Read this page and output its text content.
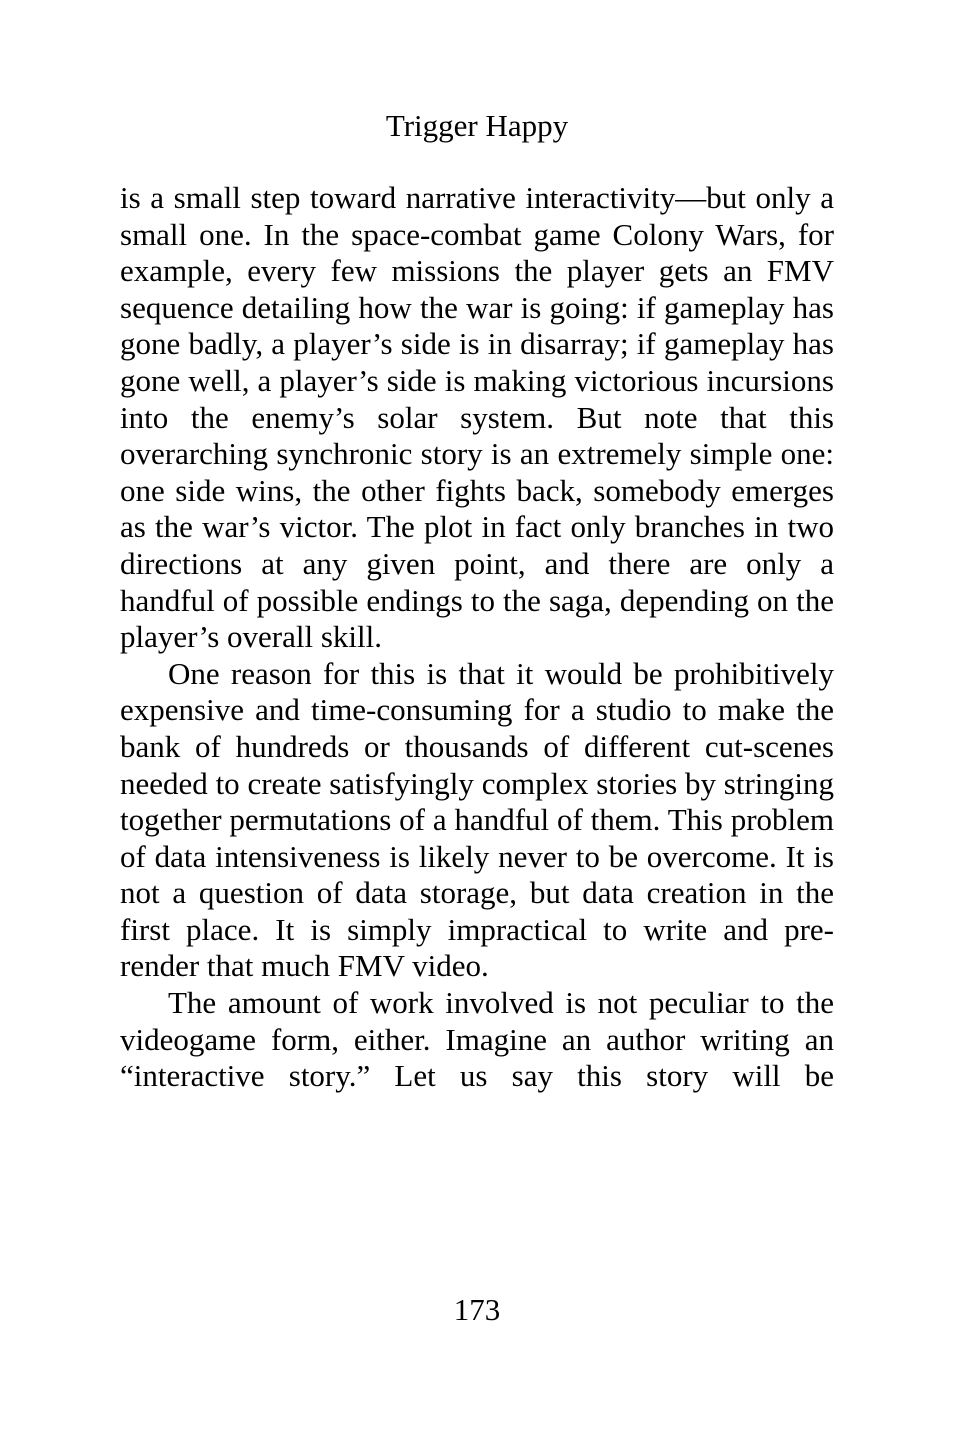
Trigger Happy

is a small step toward narrative interactivity—but only a small one. In the space-combat game Colony Wars, for example, every few missions the player gets an FMV sequence detailing how the war is going: if gameplay has gone badly, a player’s side is in disarray; if gameplay has gone well, a player’s side is making victorious incursions into the enemy’s solar system. But note that this overarching synchronic story is an extremely simple one: one side wins, the other fights back, somebody emerges as the war’s victor. The plot in fact only branches in two directions at any given point, and there are only a handful of possible endings to the saga, depending on the player’s overall skill.

One reason for this is that it would be prohibitively expensive and time-consuming for a studio to make the bank of hundreds or thousands of different cut-scenes needed to create satisfyingly complex stories by stringing together permutations of a handful of them. This problem of data intensiveness is likely never to be overcome. It is not a question of data storage, but data creation in the first place. It is simply impractical to write and pre-render that much FMV video.

The amount of work involved is not peculiar to the videogame form, either. Imagine an author writing an “interactive story.” Let us say this story will be

173
